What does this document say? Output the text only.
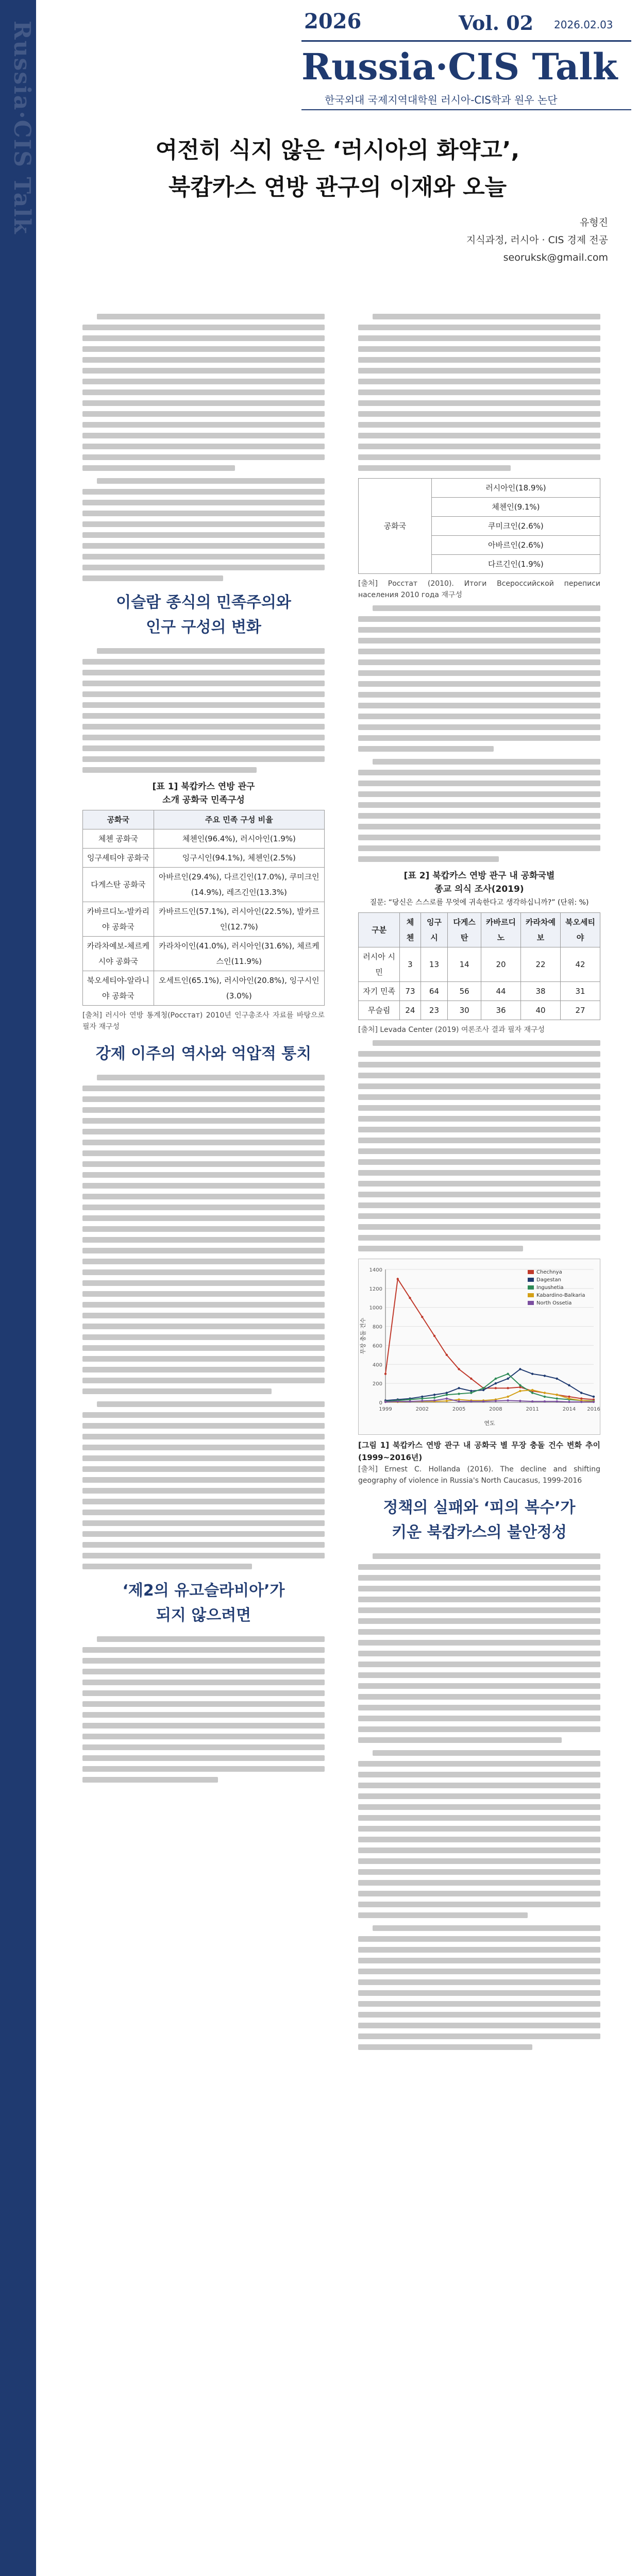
Russia·CIS Talk	2026	Vol. 02 2026.02.03
Russia·CIS Talk
한국외대 국제지역대학원 러시아-CIS학과 원우 논단
여전히 식지 않은 ‘러시아의 화약고’,
북캅카스 연방 관구의 이재와 오늘
유형진
지식과정, 러시아 · CIS 경제 전공
seoruksk@gmail.com
이슬람 종식의 민족주의와
인구 구성의 변화
[표 1] 북캅카스 연방 관구
소개 공화국 민족구성
공화국	주요 민족 구성 비율
체첸 공화국	체첸인(96.4%), 러시아인(1.9%)
잉구셰티야 공화국	잉구시인(94.1%), 체첸인(2.5%)
다게스탄 공화국	아바르인(29.4%), 다르긴인(17.0%), 쿠미크인(14.9%), 레즈긴인(13.3%)
카바르디노-발카리야 공화국	카바르드인(57.1%), 러시아인(22.5%), 발카르인(12.7%)
카라차예보-체르케시야 공화국	카라차이인(41.0%), 러시아인(31.6%), 체르케스인(11.9%)
북오세티야-알라니야 공화국	오세트인(65.1%), 러시아인(20.8%), 잉구시인(3.0%)
[출처] 러시아 연방 통계청(Росстат) 2010년 인구총조사 자료를 바탕으로 필자 재구성
강제 이주의 역사와 억압적 통치
‘제2의 유고슬라비아’가
되지 않으려면
공화국	러시아인(18.9%)
체첸인(9.1%)
쿠미크인(2.6%)
아바르인(2.6%)
다르긴인(1.9%)
[출처] Росстат (2010). Итоги Всероссийской переписи населения 2010 года 재구성
[표 2] 북캅카스 연방 관구 내 공화국별
종교 의식 조사(2019)
질문: “당신은 스스로를 무엇에 귀속한다고 생각하십니까?” (단위: %)
구분	체첸	잉구시	다게스탄	카바르디노	카라차예보	북오세티야
러시아 시민	3	13	14	20	22	42
자기 민족	73	64	56	44	38	31
무슬림	24	23	30	36	40	27
[출처] Levada Center (2019) 여론조사 결과 필자 재구성
0
200
400
600
800
1000
1200
1400
1999	2002	2005	2008	2011	2014 2016
연도
무장 충돌 건수
Chechnya
Dagestan
Ingushetia
Kabardino-Balkaria
North Ossetia
[그림 1] 북캅카스 연방 관구 내 공화국 별 무장 충돌 건수 변화 추이(1999~2016년)
[출처] Ernest C. Hollanda (2016). The decline and shifting geography of violence in Russia's North Caucasus, 1999-2016
정책의 실패와 ‘피의 복수’가
키운 북캅카스의 불안정성
